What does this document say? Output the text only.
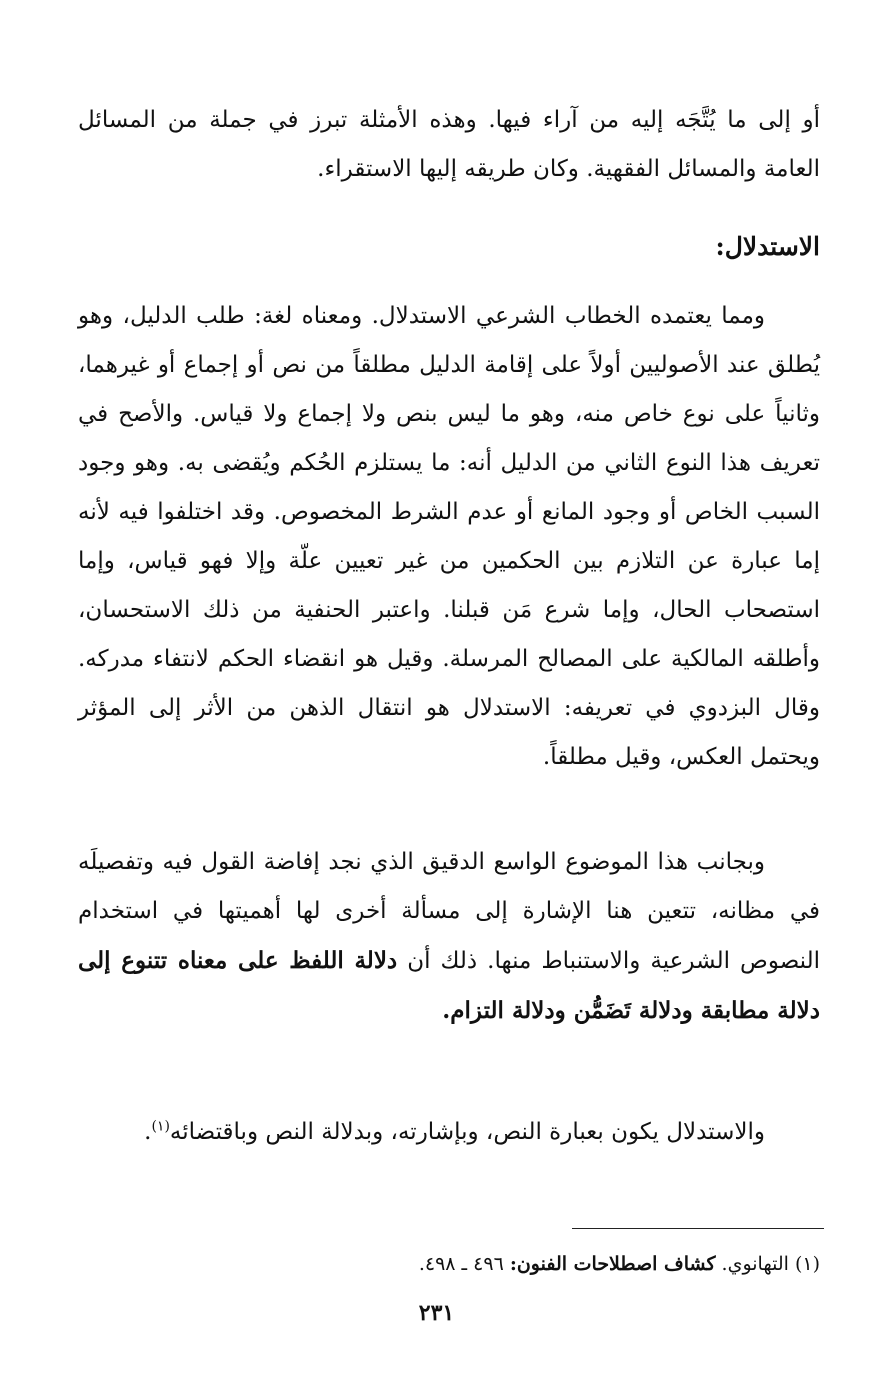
أو إلى ما يُتَّجَه إليه من آراء فيها. وهذه الأمثلة تبرز في جملة من المسائل العامة والمسائل الفقهية. وكان طريقه إليها الاستقراء.

الاستدلال:

ومما يعتمده الخطاب الشرعي الاستدلال. ومعناه لغة: طلب الدليل، وهو يُطلق عند الأصوليين أولاً على إقامة الدليل مطلقاً من نص أو إجماع أو غيرهما، وثانياً على نوع خاص منه، وهو ما ليس بنص ولا إجماع ولا قياس. والأصح في تعريف هذا النوع الثاني من الدليل أنه: ما يستلزم الحُكم ويُقضى به. وهو وجود السبب الخاص أو وجود المانع أو عدم الشرط المخصوص. وقد اختلفوا فيه لأنه إما عبارة عن التلازم بين الحكمين من غير تعيين علّة وإلا فهو قياس، وإما استصحاب الحال، وإما شرع مَن قبلنا. واعتبر الحنفية من ذلك الاستحسان، وأطلقه المالكية على المصالح المرسلة. وقيل هو انقضاء الحكم لانتفاء مدركه. وقال البزدوي في تعريفه: الاستدلال هو انتقال الذهن من الأثر إلى المؤثر ويحتمل العكس، وقيل مطلقاً.

وبجانب هذا الموضوع الواسع الدقيق الذي نجد إفاضة القول فيه وتفصيلَه في مظانه، تتعين هنا الإشارة إلى مسألة أخرى لها أهميتها في استخدام النصوص الشرعية والاستنباط منها. ذلك أن دلالة اللفظ على معناه تتنوع إلى دلالة مطابقة ودلالة تَضَمُّن ودلالة التزام.

والاستدلال يكون بعبارة النص، وبإشارته، وبدلالة النص وباقتضائه$^{(١)}$.

(١) التهانوي. كشاف اصطلاحات الفنون: ٤٩٦ ـ ٤٩٨.
٢٣١
